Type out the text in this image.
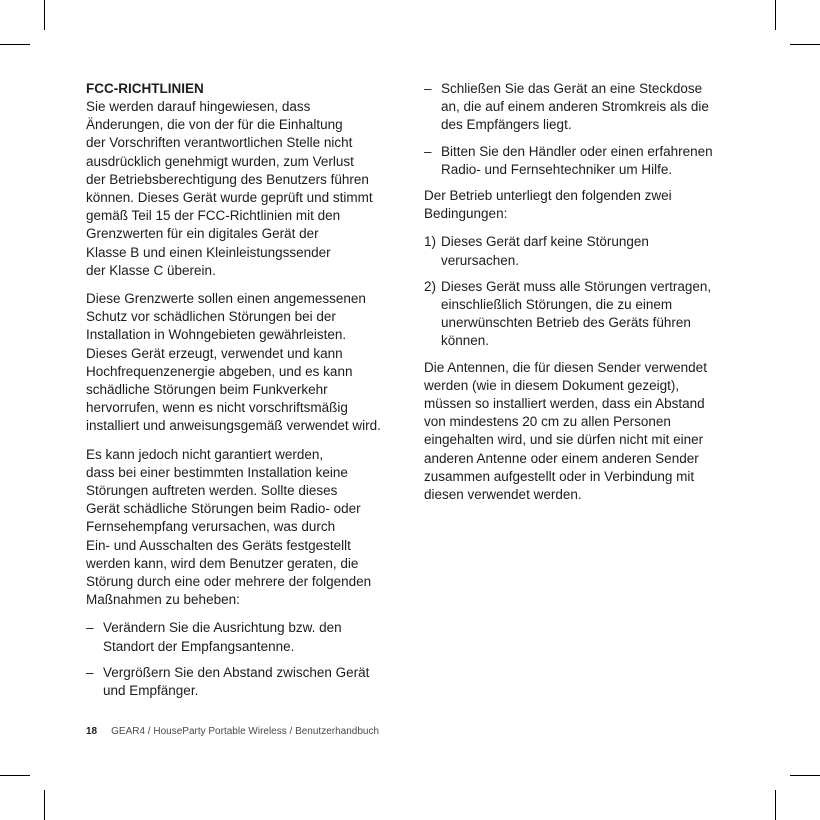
FCC-RICHTLINIEN

Sie werden darauf hingewiesen, dass
Änderungen, die von der für die Einhaltung
der Vorschriften verantwortlichen Stelle nicht
ausdrücklich genehmigt wurden, zum Verlust
der Betriebsberechtigung des Benutzers führen
können. Dieses Gerät wurde geprüft und stimmt
gemäß Teil 15 der FCC-Richtlinien mit den
Grenzwerten für ein digitales Gerät der
Klasse B und einen Kleinleistungssender
der Klasse C überein.

Diese Grenzwerte sollen einen angemessenen
Schutz vor schädlichen Störungen bei der
Installation in Wohngebieten gewährleisten.
Dieses Gerät erzeugt, verwendet und kann
Hochfrequenzenergie abgeben, und es kann
schädliche Störungen beim Funkverkehr
hervorrufen, wenn es nicht vorschriftsmäßig
installiert und anweisungsgemäß verwendet wird.

Es kann jedoch nicht garantiert werden,
dass bei einer bestimmten Installation keine
Störungen auftreten werden. Sollte dieses
Gerät schädliche Störungen beim Radio- oder
Fernsehempfang verursachen, was durch
Ein- und Ausschalten des Geräts festgestellt
werden kann, wird dem Benutzer geraten, die
Störung durch eine oder mehrere der folgenden
Maßnahmen zu beheben:

– Verändern Sie die Ausrichtung bzw. den
Standort der Empfangsantenne.
– Vergrößern Sie den Abstand zwischen Gerät
und Empfänger.
– Schließen Sie das Gerät an eine Steckdose
an, die auf einem anderen Stromkreis als die
des Empfängers liegt.
– Bitten Sie den Händler oder einen erfahrenen
Radio- und Fernsehtechniker um Hilfe.
Der Betrieb unterliegt den folgenden zwei
Bedingungen:
1) Dieses Gerät darf keine Störungen
verursachen.
2) Dieses Gerät muss alle Störungen vertragen,
einschließlich Störungen, die zu einem
unerwünschten Betrieb des Geräts führen
können.
Die Antennen, die für diesen Sender verwendet
werden (wie in diesem Dokument gezeigt),
müssen so installiert werden, dass ein Abstand
von mindestens 20 cm zu allen Personen
eingehalten wird, und sie dürfen nicht mit einer
anderen Antenne oder einem anderen Sender
zusammen aufgestellt oder in Verbindung mit
diesen verwendet werden.
18 GEAR4 / HouseParty Portable Wireless / Benutzerhandbuch
